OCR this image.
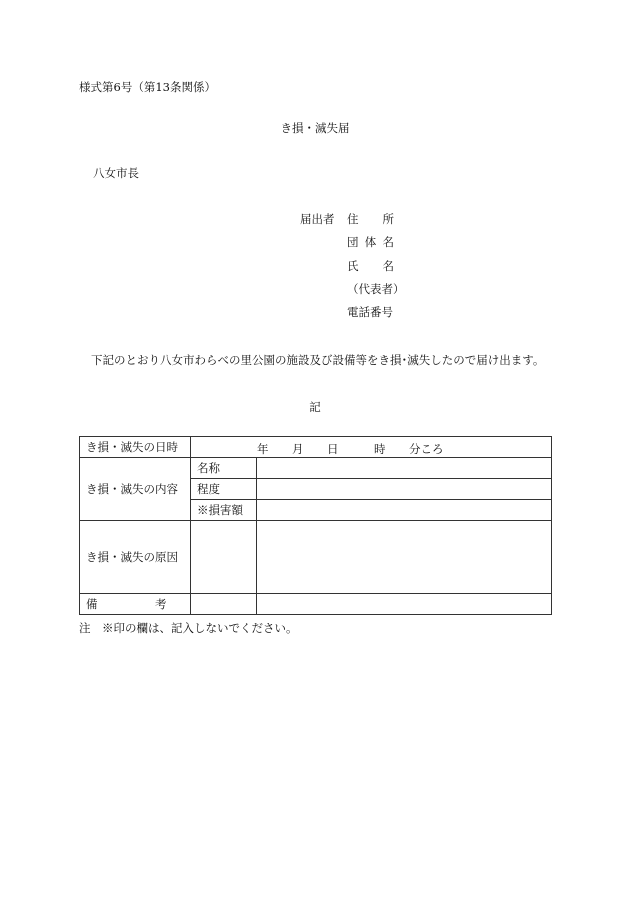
様式第6号（第13条関係）
き損・滅失届
八女市長
届出者 住　所
団体名
氏　名
（代表者）
電話番号
下記のとおり八女市わらべの里公園の施設及び設備等をき損･滅失したので届け出ます。
記
き損・滅失の日時	年 月 日 時 分ころ	

き損・滅失の内容	名称	
	程度	
	※損害額	
き損・滅失の原因		
備　　　　　考		
注　※印の欄は、記入しないでください。
